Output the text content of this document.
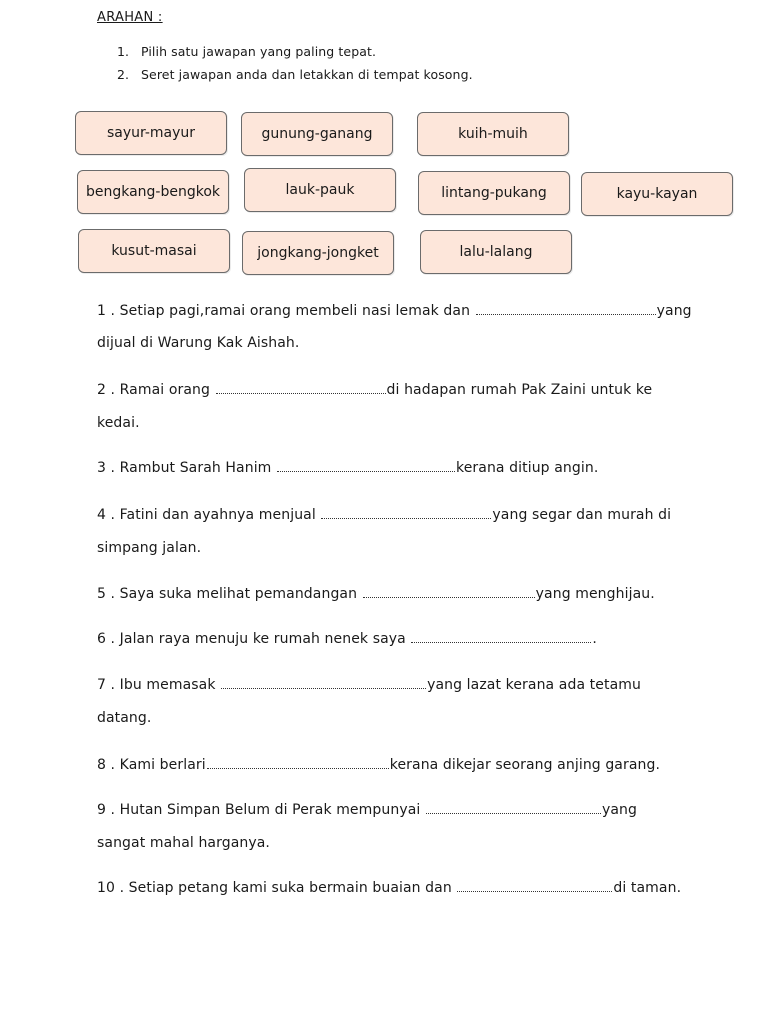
ARAHAN :
1. Pilih satu jawapan yang paling tepat.
2. Seret jawapan anda dan letakkan di tempat kosong.
sayur-mayur	gunung-ganang	kuih-muih
bengkang-bengkok	lauk-pauk	lintang-pukang	kayu-kayan
kusut-masai	jongkang-jongket	lalu-lalang
1 . Setiap pagi,ramai orang membeli nasi lemak dan	yang
dijual di Warung Kak Aishah.
2 . Ramai orang	di hadapan rumah Pak Zaini untuk ke
kedai.
3 . Rambut Sarah Hanim	kerana ditiup angin.
4 . Fatini dan ayahnya menjual	yang segar dan murah di
simpang jalan.
5 . Saya suka melihat pemandangan	yang menghijau.
6 . Jalan raya menuju ke rumah nenek saya	.
7 . Ibu memasak	yang lazat kerana ada tetamu
datang.
8 . Kami berlari	kerana dikejar seorang anjing garang.
9 . Hutan Simpan Belum di Perak mempunyai	yang
sangat mahal harganya.
10 . Setiap petang kami suka bermain buaian dan	di taman.
